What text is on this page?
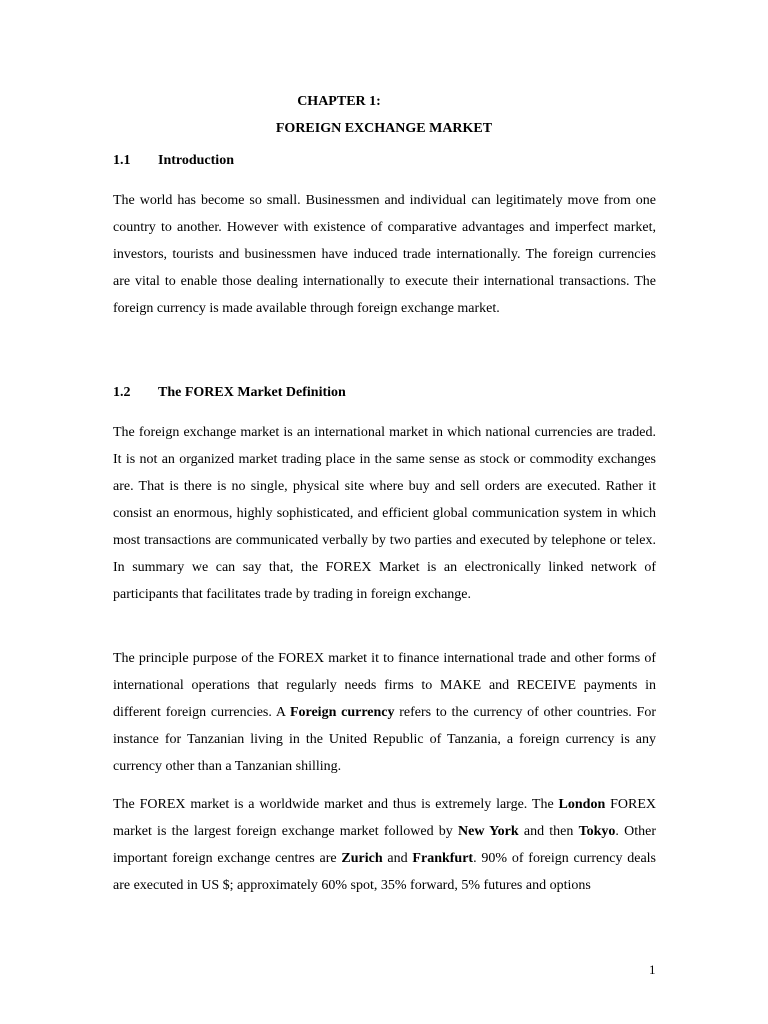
CHAPTER 1:
FOREIGN EXCHANGE MARKET
1.1 Introduction
The world has become so small. Businessmen and individual can legitimately move from one country to another. However with existence of comparative advantages and imperfect market, investors, tourists and businessmen have induced trade internationally. The foreign currencies are vital to enable those dealing internationally to execute their international transactions. The foreign currency is made available through foreign exchange market.
1.2 The FOREX Market Definition
The foreign exchange market is an international market in which national currencies are traded. It is not an organized market trading place in the same sense as stock or commodity exchanges are. That is there is no single, physical site where buy and sell orders are executed. Rather it consist an enormous, highly sophisticated, and efficient global communication system in which most transactions are communicated verbally by two parties and executed by telephone or telex. In summary we can say that, the FOREX Market is an electronically linked network of participants that facilitates trade by trading in foreign exchange.
The principle purpose of the FOREX market it to finance international trade and other forms of international operations that regularly needs firms to MAKE and RECEIVE payments in different foreign currencies. A Foreign currency refers to the currency of other countries. For instance for Tanzanian living in the United Republic of Tanzania, a foreign currency is any currency other than a Tanzanian shilling.
The FOREX market is a worldwide market and thus is extremely large. The London FOREX market is the largest foreign exchange market followed by New York and then Tokyo. Other important foreign exchange centres are Zurich and Frankfurt. 90% of foreign currency deals are executed in US $; approximately 60% spot, 35% forward, 5% futures and options
1
